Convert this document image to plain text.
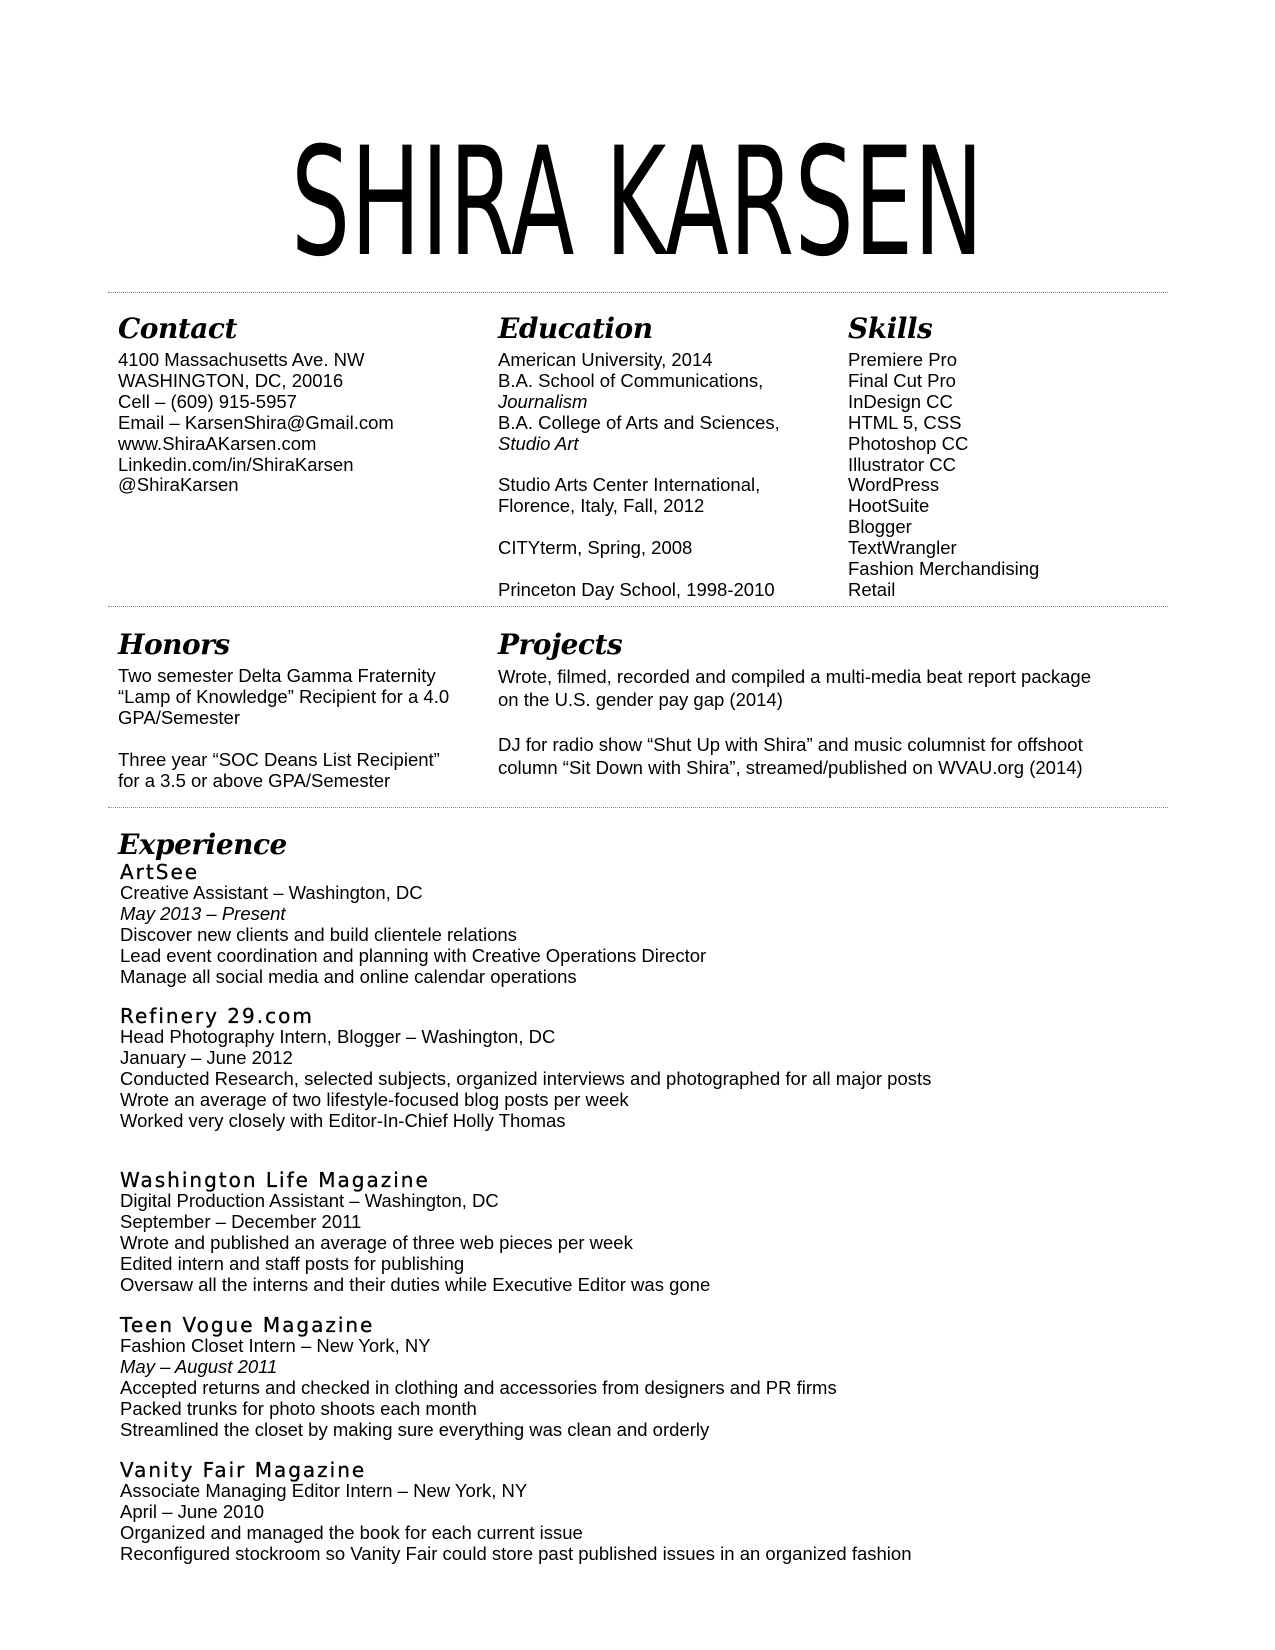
SHIRA KARSEN
Contact
4100 Massachusetts Ave. NW
WASHINGTON, DC, 20016
Cell – (609) 915-5957
Email – KarsenShira@Gmail.com
www.ShiraAKarsen.com
Linkedin.com/in/ShiraKarsen
@ShiraKarsen
Education
American University, 2014
B.A. School of Communications,
Journalism
B.A. College of Arts and Sciences,
Studio Art
Studio Arts Center International,
Florence, Italy, Fall, 2012
CITYterm, Spring, 2008
Princeton Day School, 1998-2010
Skills
Premiere Pro
Final Cut Pro
InDesign CC
HTML 5, CSS
Photoshop CC
Illustrator CC
WordPress
HootSuite
Blogger
TextWrangler
Fashion Merchandising
Retail
Honors
Two semester Delta Gamma Fraternity
“Lamp of Knowledge” Recipient for a 4.0
GPA/Semester
Three year “SOC Deans List Recipient”
for a 3.5 or above GPA/Semester
Projects
Wrote, filmed, recorded and compiled a multi-media beat report package
on the U.S. gender pay gap (2014)
DJ for radio show “Shut Up with Shira” and music columnist for offshoot
column “Sit Down with Shira”, streamed/published on WVAU.org (2014)
Experience
ArtSee
Creative Assistant – Washington, DC
May 2013 – Present
Discover new clients and build clientele relations
Lead event coordination and planning with Creative Operations Director
Manage all social media and online calendar operations
Refinery 29.com
Head Photography Intern, Blogger – Washington, DC
January – June 2012
Conducted Research, selected subjects, organized interviews and photographed for all major posts
Wrote an average of two lifestyle-focused blog posts per week
Worked very closely with Editor-In-Chief Holly Thomas
Washington Life Magazine
Digital Production Assistant – Washington, DC
September – December 2011
Wrote and published an average of three web pieces per week
Edited intern and staff posts for publishing
Oversaw all the interns and their duties while Executive Editor was gone
Teen Vogue Magazine
Fashion Closet Intern – New York, NY
May – August 2011
Accepted returns and checked in clothing and accessories from designers and PR firms
Packed trunks for photo shoots each month
Streamlined the closet by making sure everything was clean and orderly
Vanity Fair Magazine
Associate Managing Editor Intern – New York, NY
April – June 2010
Organized and managed the book for each current issue
Reconfigured stockroom so Vanity Fair could store past published issues in an organized fashion
